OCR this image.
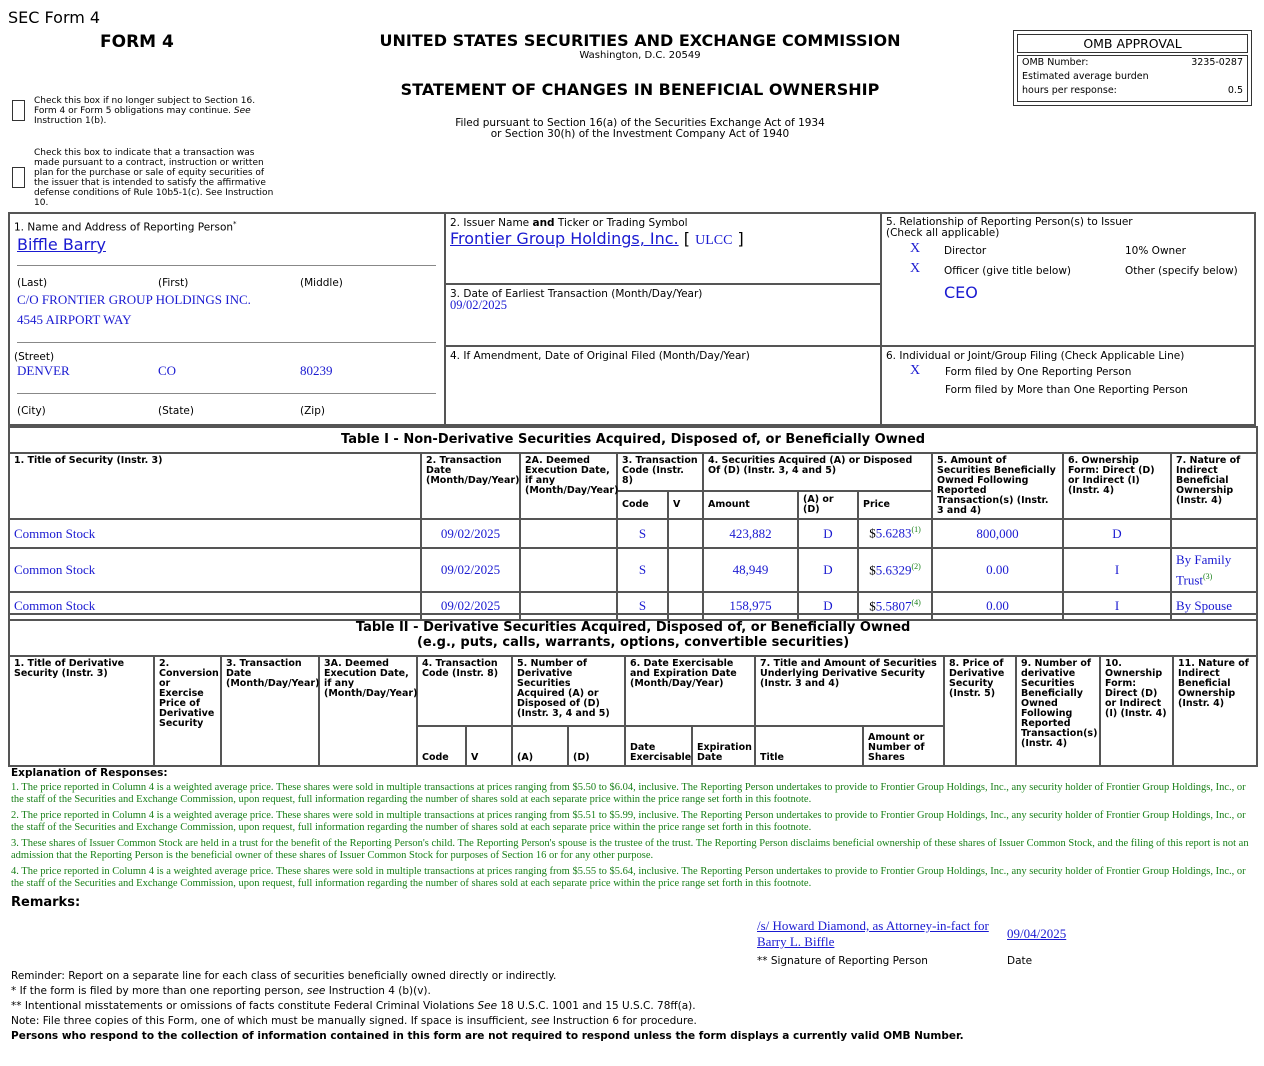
SEC Form 4
FORM 4	UNITED STATES SECURITIES AND EXCHANGE COMMISSION
Washington, D.C. 20549
STATEMENT OF CHANGES IN BENEFICIAL OWNERSHIP
Filed pursuant to Section 16(a) of the Securities Exchange Act of 1934
or Section 30(h) of the Investment Company Act of 1940
Check this box if no longer subject to Section 16. Form 4 or Form 5 obligations may continue. See Instruction 1(b).
Check this box to indicate that a transaction was made pursuant to a contract, instruction or written plan for the purchase or sale of equity securities of the issuer that is intended to satisfy the affirmative defense conditions of Rule 10b5-1(c). See Instruction 10.
OMB APPROVAL
OMB Number:	3235-0287
Estimated average burden
hours per response:	0.5
1. Name and Address of Reporting Person*
Biffle Barry
(Last)	(First)	(Middle)
C/O FRONTIER GROUP HOLDINGS INC.
4545 AIRPORT WAY
(Street)
DENVER	CO	80239
(City)	(State)	(Zip)
2. Issuer Name and Ticker or Trading Symbol
Frontier Group Holdings, Inc. [ ULCC ]
3. Date of Earliest Transaction (Month/Day/Year)
09/02/2025
4. If Amendment, Date of Original Filed (Month/Day/Year)
5. Relationship of Reporting Person(s) to Issuer
(Check all applicable)
X Director	10% Owner
X Officer (give title below)	Other (specify below)
CEO
6. Individual or Joint/Group Filing (Check Applicable Line)
X Form filed by One Reporting Person
Form filed by More than One Reporting Person
Table I - Non-Derivative Securities Acquired, Disposed of, or Beneficially Owned										
1. Title of Security (Instr. 3)	2. Transaction Date (Month/Day/Year)	2A. Deemed Execution Date, if any (Month/Day/Year)	3. Transaction Code (Instr. 8)		4. Securities Acquired (A) or Disposed Of (D) (Instr. 3, 4 and 5)			5. Amount of Securities Beneficially Owned Following Reported Transaction(s) (Instr. 3 and 4)	6. Ownership Form: Direct (D) or Indirect (I) (Instr. 4)	7. Nature of Indirect Beneficial Ownership (Instr. 4)
			Code	V	Amount	(A) or (D)	Price			
Common Stock	09/02/2025		S		423,882	D	$5.6283$^{(1)}$	800,000	D	
Common Stock	09/02/2025		S		48,949	D	$5.6329$^{(2)}$	0.00	I	By Family Trust$^{(3)}$
Common Stock	09/02/2025		S		158,975	D	$5.5807$^{(4)}$	0.00	I	By Spouse
Table II - Derivative Securities Acquired, Disposed of, or Beneficially Owned
(e.g., puts, calls, warrants, options, convertible securities)															

1. Title of Derivative Security (Instr. 3)	2. Conversion or Exercise Price of Derivative Security	3. Transaction Date (Month/Day/Year)	3A. Deemed Execution Date, if any (Month/Day/Year)	4. Transaction Code (Instr. 8)		5. Number of Derivative Securities Acquired (A) or Disposed of (D) (Instr. 3, 4 and 5)		6. Date Exercisable and Expiration Date (Month/Day/Year)		7. Title and Amount of Securities Underlying Derivative Security (Instr. 3 and 4)		8. Price of Derivative Security (Instr. 5)	9. Number of derivative Securities Beneficially Owned Following Reported Transaction(s) (Instr. 4)	10. Ownership Form: Direct (D) or Indirect (I) (Instr. 4)	11. Nature of Indirect Beneficial Ownership (Instr. 4)
				Code	V	(A)	(D)	Date Exercisable	Expiration Date	Title	Amount or Number of Shares				
Explanation of Responses:
1. The price reported in Column 4 is a weighted average price. These shares were sold in multiple transactions at prices ranging from $5.50 to $6.04, inclusive. The Reporting Person undertakes to provide to Frontier Group Holdings, Inc., any security holder of Frontier Group Holdings, Inc., or the staff of the Securities and Exchange Commission, upon request, full information regarding the number of shares sold at each separate price within the price range set forth in this footnote.
2. The price reported in Column 4 is a weighted average price. These shares were sold in multiple transactions at prices ranging from $5.51 to $5.99, inclusive. The Reporting Person undertakes to provide to Frontier Group Holdings, Inc., any security holder of Frontier Group Holdings, Inc., or the staff of the Securities and Exchange Commission, upon request, full information regarding the number of shares sold at each separate price within the price range set forth in this footnote.
3. These shares of Issuer Common Stock are held in a trust for the benefit of the Reporting Person's child. The Reporting Person's spouse is the trustee of the trust. The Reporting Person disclaims beneficial ownership of these shares of Issuer Common Stock, and the filing of this report is not an admission that the Reporting Person is the beneficial owner of these shares of Issuer Common Stock for purposes of Section 16 or for any other purpose.
4. The price reported in Column 4 is a weighted average price. These shares were sold in multiple transactions at prices ranging from $5.55 to $5.64, inclusive. The Reporting Person undertakes to provide to Frontier Group Holdings, Inc., any security holder of Frontier Group Holdings, Inc., or the staff of the Securities and Exchange Commission, upon request, full information regarding the number of shares sold at each separate price within the price range set forth in this footnote.
Remarks:
/s/ Howard Diamond, as Attorney-in-fact for Barry L. Biffle
09/04/2025
** Signature of Reporting Person	Date
Reminder: Report on a separate line for each class of securities beneficially owned directly or indirectly.
* If the form is filed by more than one reporting person, see Instruction 4 (b)(v).
** Intentional misstatements or omissions of facts constitute Federal Criminal Violations See 18 U.S.C. 1001 and 15 U.S.C. 78ff(a).
Note: File three copies of this Form, one of which must be manually signed. If space is insufficient, see Instruction 6 for procedure.
Persons who respond to the collection of information contained in this form are not required to respond unless the form displays a currently valid OMB Number.
